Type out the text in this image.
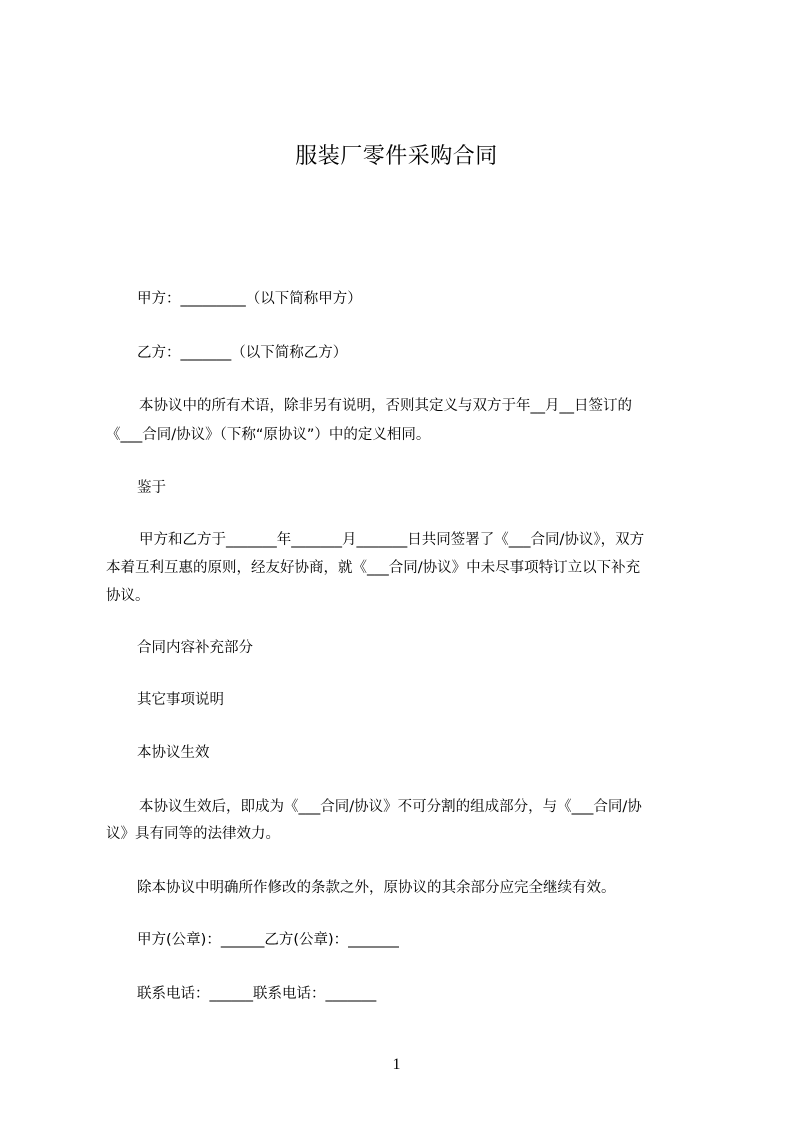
服装厂零件采购合同
甲方：_________（以下简称甲方）
乙方：_______（以下简称乙方）
本协议中的所有术语，除非另有说明，否则其定义与双方于年__月__日签订的
《___合同/协议》（下称“原协议”）中的定义相同。
鉴于
甲方和乙方于_______年_______月_______日共同签署了《___合同/协议》，双方
本着互利互惠的原则，经友好协商，就《___合同/协议》中未尽事项特订立以下补充
协议。
合同内容补充部分
其它事项说明
本协议生效
本协议生效后，即成为《___合同/协议》不可分割的组成部分，与《___合同/协
议》具有同等的法律效力。
除本协议中明确所作修改的条款之外，原协议的其余部分应完全继续有效。
甲方(公章)：______乙方(公章)：_______
联系电话：______联系电话：_______
1
